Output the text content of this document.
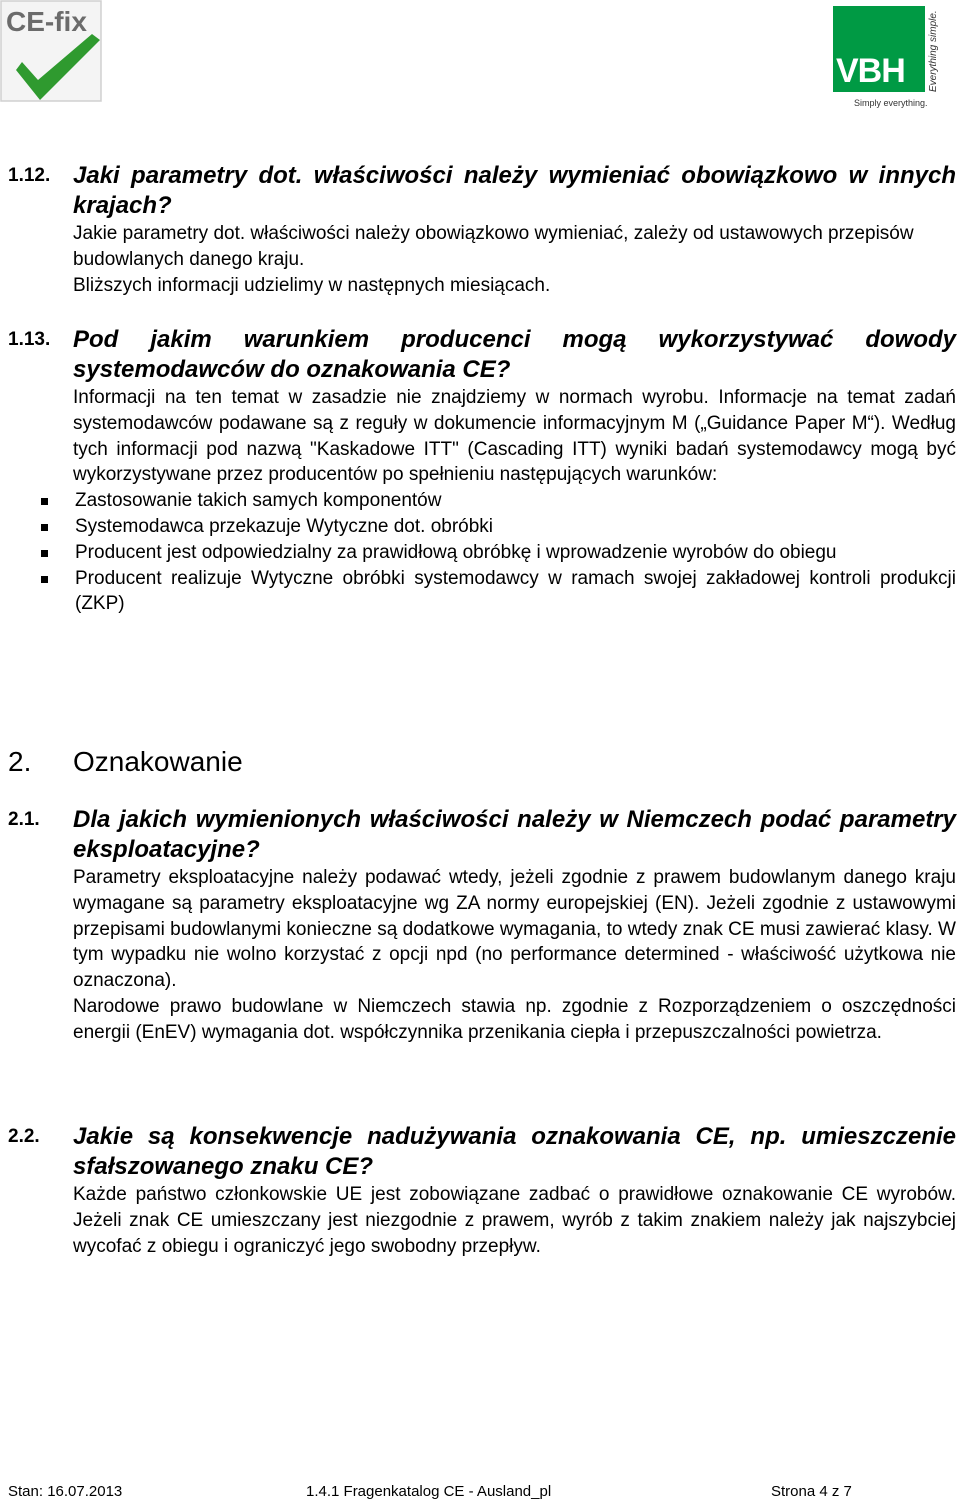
CE-fix
VBH Everything simple.
Simply everything.
1.12. Jaki parametry dot. właściwości należy wymieniać obowiązkowo w innych krajach?

Jakie parametry dot. właściwości należy obowiązkowo wymieniać, zależy od ustawowych przepisów budowlanych danego kraju.

Bliższych informacji udzielimy w następnych miesiącach.

1.13. Pod jakim warunkiem producenci mogą wykorzystywać dowody systemodawców do oznakowania CE?

Informacji na ten temat w zasadzie nie znajdziemy w normach wyrobu. Informacje na temat zadań systemodawców podawane są z reguły w dokumencie informacyjnym M („Guidance Paper M“). Według tych informacji pod nazwą "Kaskadowe ITT" (Cascading ITT) wyniki badań systemodawcy mogą być wykorzystywane przez producentów po spełnieniu następujących warunków:

Zastosowanie takich samych komponentów
Systemodawca przekazuje Wytyczne dot. obróbki
Producent jest odpowiedzialny za prawidłową obróbkę i wprowadzenie wyrobów do obiegu
Producent realizuje Wytyczne obróbki systemodawcy w ramach swojej zakładowej kontroli produkcji (ZKP)
2. Oznakowanie
2.1. Dla jakich wymienionych właściwości należy w Niemczech podać parametry eksploatacyjne?

Parametry eksploatacyjne należy podawać wtedy, jeżeli zgodnie z prawem budowlanym danego kraju wymagane są parametry eksploatacyjne wg ZA normy europejskiej (EN). Jeżeli zgodnie z ustawowymi przepisami budowlanymi konieczne są dodatkowe wymagania, to wtedy znak CE musi zawierać klasy. W tym wypadku nie wolno korzystać z opcji npd (no performance determined - właściwość użytkowa nie oznaczona).

Narodowe prawo budowlane w Niemczech stawia np. zgodnie z Rozporządzeniem o oszczędności energii (EnEV) wymagania dot. współczynnika przenikania ciepła i przepuszczalności powietrza.

2.2. Jakie są konsekwencje nadużywania oznakowania CE, np. umieszczenie sfałszowanego znaku CE?

Każde państwo członkowskie UE jest zobowiązane zadbać o prawidłowe oznakowanie CE wyrobów. Jeżeli znak CE umieszczany jest niezgodnie z prawem, wyrób z takim znakiem należy jak najszybciej wycofać z obiegu i ograniczyć jego swobodny przepływ.

Stan: 16.07.2013	1.4.1 Fragenkatalog CE - Ausland_pl	Strona 4 z 7
